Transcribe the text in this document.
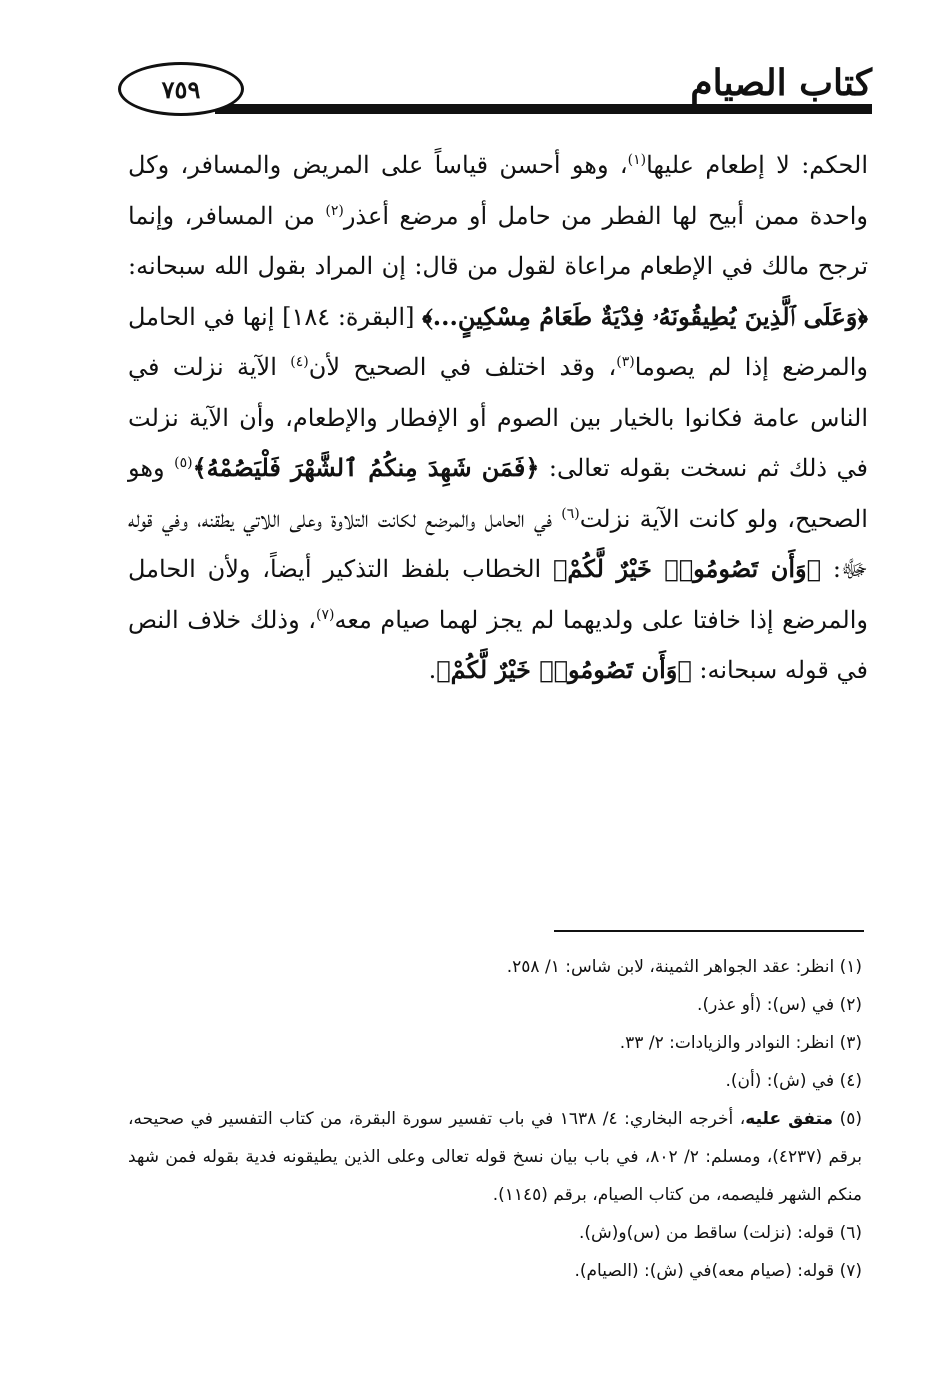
٧٥٩	كتاب الصيام

الحكم: لا إطعام عليها$^{(١)}$، وهو أحسن قياساً على المريض والمسافر، وكل واحدة ممن أبيح لها الفطر من حامل أو مرضع أعذر$^{(٢)}$ من المسافر، وإنما ترجح مالك في الإطعام مراعاة لقول من قال: إن المراد بقول الله سبحانه: ﴿وَعَلَى ٱلَّذِينَ يُطِيقُونَهُۥ فِدْيَةٌ طَعَامُ مِسْكِينٍ...﴾ [البقرة: ١٨٤] إنها في الحامل والمرضع إذا لم يصوما$^{(٣)}$، وقد اختلف في الصحيح لأن$^{(٤)}$ الآية نزلت في الناس عامة فكانوا بالخيار بين الصوم أو الإفطار والإطعام، وأن الآية نزلت في ذلك ثم نسخت بقوله تعالى: ﴿فَمَن شَهِدَ مِنكُمُ ٱلشَّهْرَ فَلْيَصُمْهُ﴾$^{(٥)}$ وهو الصحيح، ولو كانت الآية نزلت$^{(٦)}$ في الحامل والمرضع لكانت التلاوة وعلى اللاتي يطقنه، وفي قوله ﷻ: ﴿وَأَن تَصُومُوا۟ خَيْرٌ لَّكُمْ﴾ الخطاب بلفظ التذكير أيضاً، ولأن الحامل والمرضع إذا خافتا على ولديهما لم يجز لهما صيام معه$^{(٧)}$، وذلك خلاف النص في قوله سبحانه: ﴿وَأَن تَصُومُوا۟ خَيْرٌ لَّكُمْ﴾.

(١) انظر: عقد الجواهر الثمينة، لابن شاس: ١/ ٢٥٨.
(٢) في (س): (أو عذر).
(٣) انظر: النوادر والزيادات: ٢/ ٣٣.
(٤) في (ش): (أن).
(٥) متفق عليه، أخرجه البخاري: ٤/ ١٦٣٨ في باب تفسير سورة البقرة، من كتاب التفسير في صحيحه، برقم (٤٢٣٧)، ومسلم: ٢/ ٨٠٢، في باب بيان نسخ قوله تعالى وعلى الذين يطيقونه فدية بقوله فمن شهد منكم الشهر فليصمه، من كتاب الصيام، برقم (١١٤٥).
(٦) قوله: (نزلت) ساقط من (س)و(ش).
(٧) قوله: (صيام معه)في (ش): (الصيام).
